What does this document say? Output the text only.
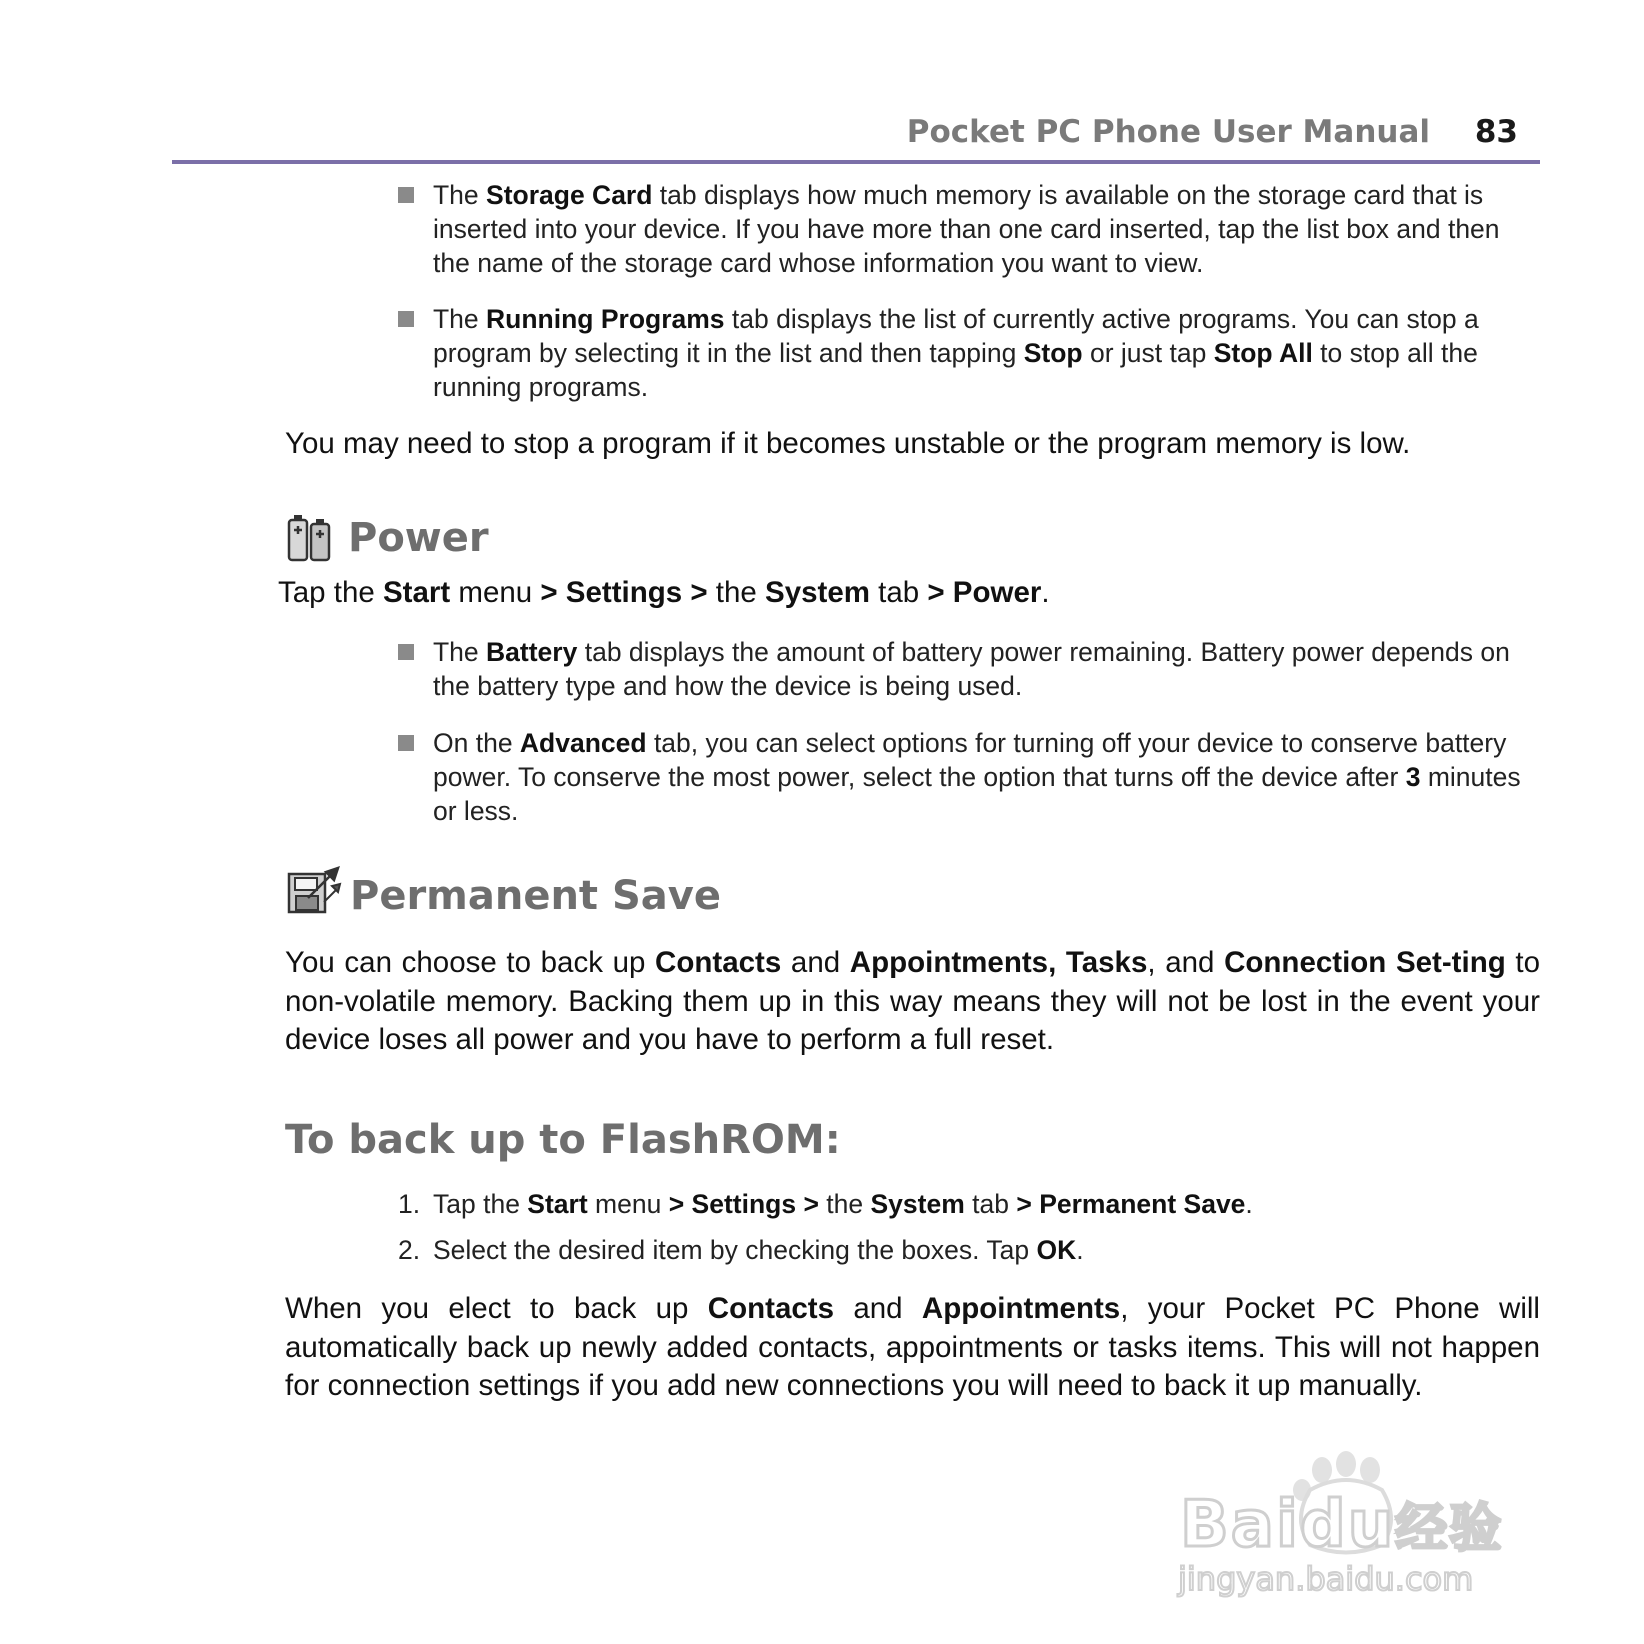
Pocket PC Phone User Manual 83
The Storage Card tab displays how much memory is available on the storage card that is inserted into your device. If you have more than one card inserted, tap the list box and then the name of the storage card whose information you want to view.
The Running Programs tab displays the list of currently active programs. You can stop a program by selecting it in the list and then tapping Stop or just tap Stop All to stop all the running programs.
You may need to stop a program if it becomes unstable or the program memory is low.
Power
Tap the Start menu > Settings > the System tab > Power.
The Battery tab displays the amount of battery power remaining. Battery power depends on the battery type and how the device is being used.
On the Advanced tab, you can select options for turning off your device to conserve battery power. To conserve the most power, select the option that turns off the device after 3 minutes or less.
Permanent Save
You can choose to back up Contacts and Appointments, Tasks, and Connection Set-ting to non-volatile memory. Backing them up in this way means they will not be lost in the event your device loses all power and you have to perform a full reset.
To back up to FlashROM:
1. Tap the Start menu > Settings > the System tab > Permanent Save.
2. Select the desired item by checking the boxes. Tap OK.
When you elect to back up Contacts and Appointments, your Pocket PC Phone will automatically back up newly added contacts, appointments or tasks items. This will not happen for connection settings if you add new connections you will need to back it up manually.
Baidu经验
jingyan.baidu.com
